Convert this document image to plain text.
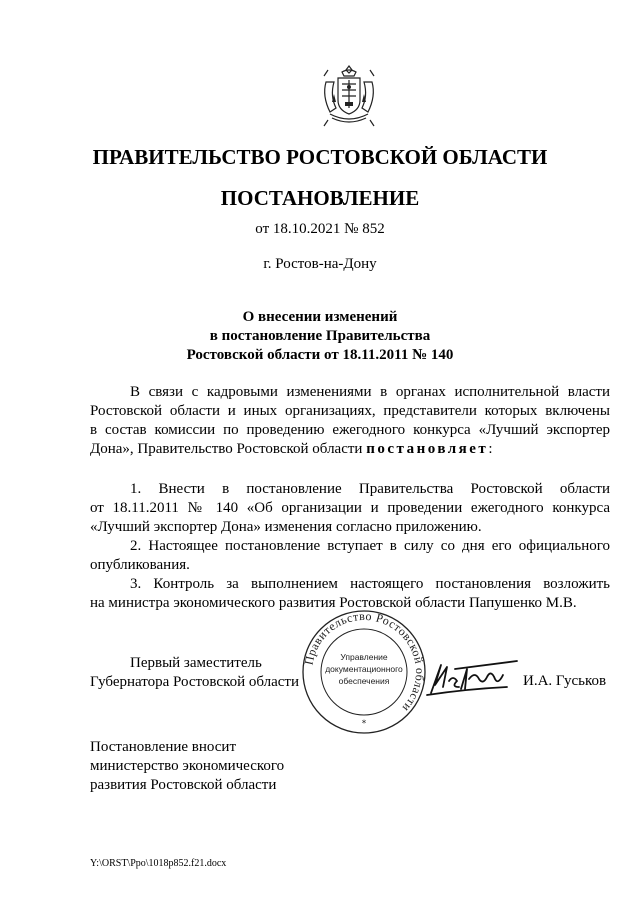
ПРАВИТЕЛЬСТВО РОСТОВСКОЙ ОБЛАСТИ
ПОСТАНОВЛЕНИЕ
от 18.10.2021 № 852
г. Ростов-на-Дону
О внесении изменений
в постановление Правительства
Ростовской области от 18.11.2011 № 140
В связи с кадровыми изменениями в органах исполнительной власти
Ростовской области и иных организациях, представители которых включены
в состав комиссии по проведению ежегодного конкурса «Лучший экспортер
Дона», Правительство Ростовской области постановляет:
1. Внести в постановление Правительства Ростовской области
от 18.11.2011 № 140 «Об организации и проведении ежегодного конкурса
«Лучший экспортер Дона» изменения согласно приложению.
2. Настоящее постановление вступает в силу со дня его официального
опубликования.
3. Контроль за выполнением настоящего постановления возложить
на министра экономического развития Ростовской области Папушенко М.В.
Первый заместитель
Губернатора Ростовской области
Правительство Ростовской области
Управление
документационного
обеспечения
*
И.А. Гуськов
Постановление вносит
министерство экономического
развития Ростовской области
Y:\ORST\Ppo\1018p852.f21.docx
